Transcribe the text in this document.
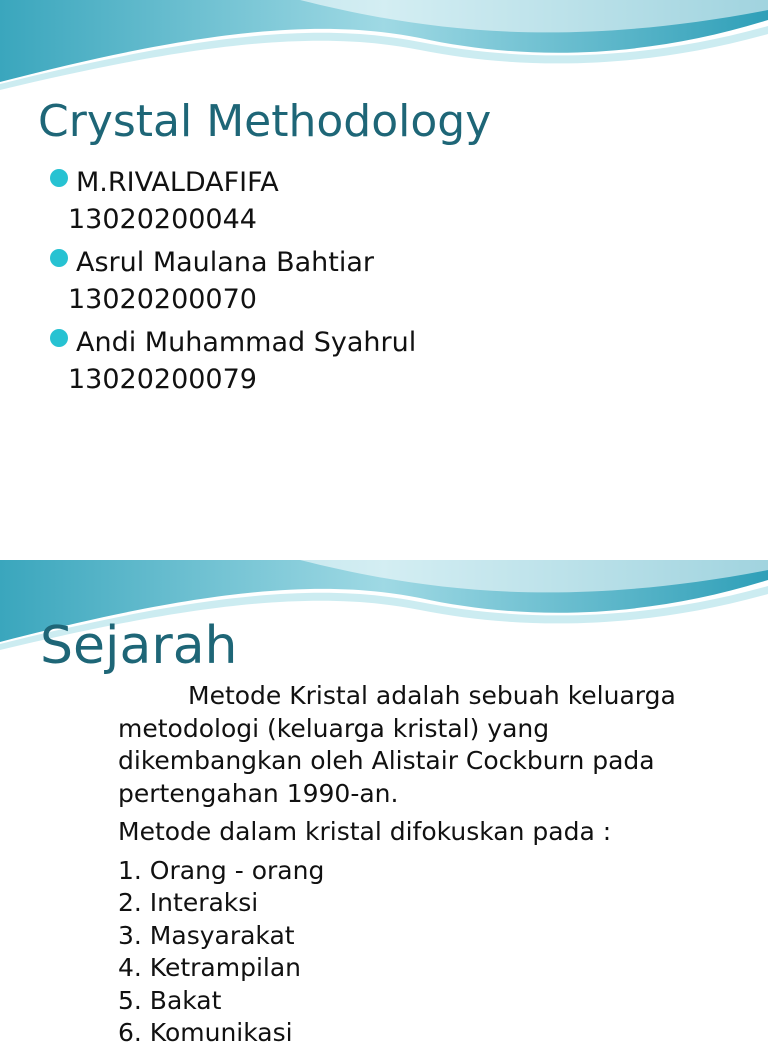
Crystal Methodology
M.RIVALDAFIFA
13020200044
Asrul Maulana Bahtiar
13020200070
Andi Muhammad Syahrul
13020200079
Sejarah

Metode Kristal adalah sebuah keluarga metodologi (keluarga kristal) yang dikembangkan oleh Alistair Cockburn pada pertengahan 1990-an.

Metode dalam kristal difokuskan pada :

1. Orang - orang
2. Interaksi
3. Masyarakat
4. Ketrampilan
5. Bakat
6. Komunikasi
